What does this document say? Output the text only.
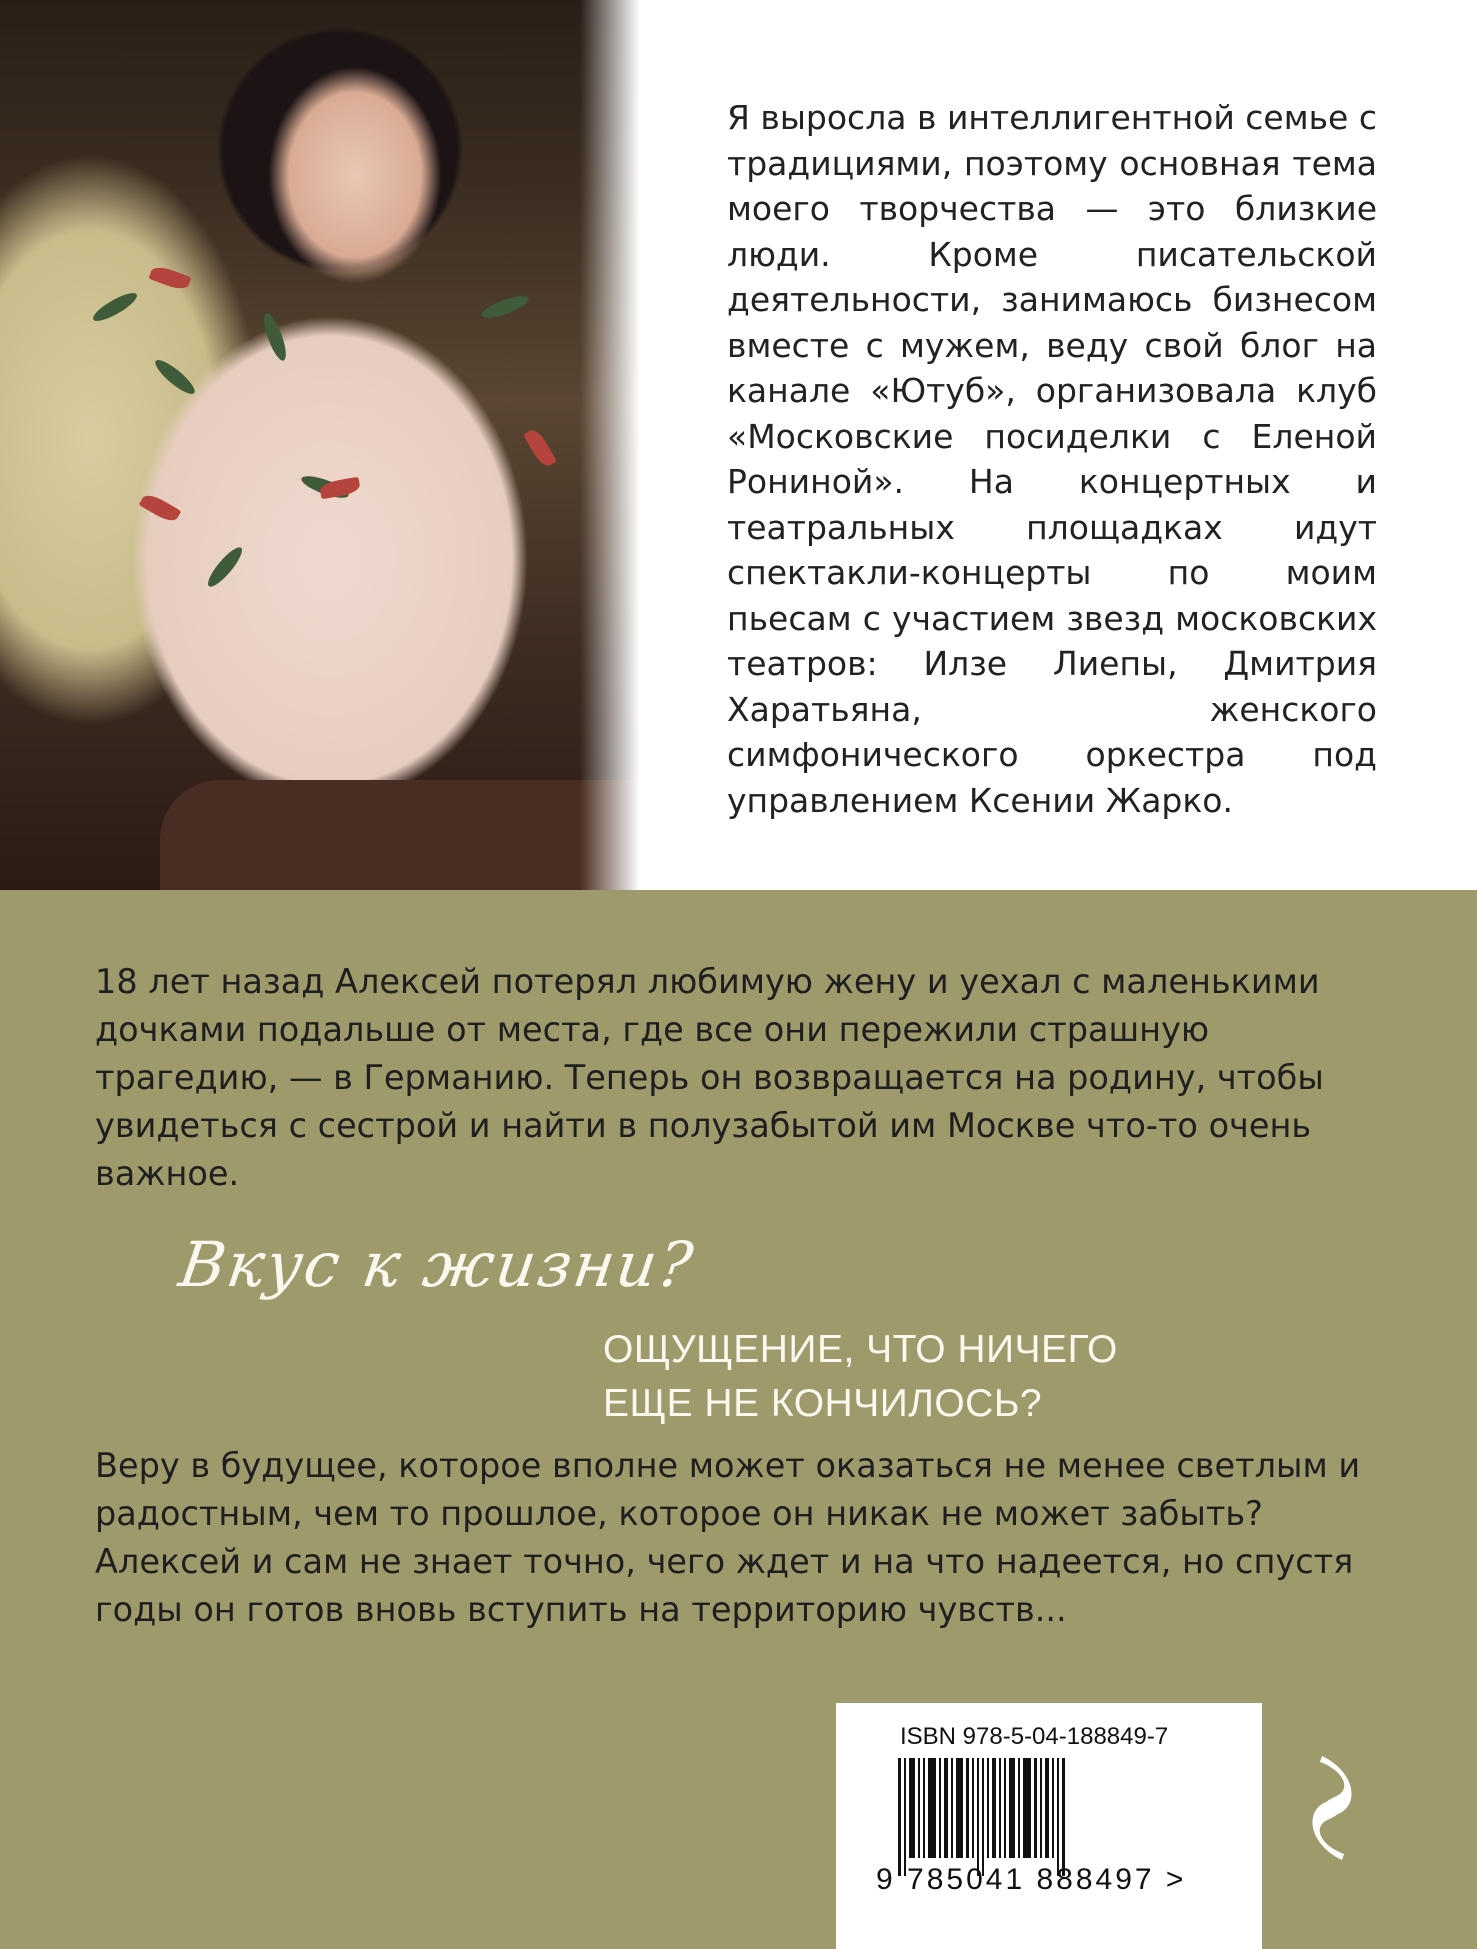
Я выросла в интеллигентной семье с традициями, поэтому основная тема моего творчества — это близкие люди. Кроме писательской деятельности, занимаюсь бизнесом вместе с мужем, веду свой блог на канале «Ютуб», организовала клуб «Московские посиделки с Еленой Рониной». На концертных и театральных площадках идут спектакли-концерты по моим пьесам с участием звезд московских театров: Илзе Лиепы, Дмитрия Харатьяна, женского симфонического оркестра под управлением Ксении Жарко.

18 лет назад Алексей потерял любимую жену и уехал с маленькими дочками подальше от места, где все они пережили страшную трагедию, — в Германию. Теперь он возвращается на родину, чтобы увидеться с сестрой и найти в полузабытой им Москве что-то очень важное.
Вкус к жизни?
ОЩУЩЕНИЕ, ЧТО НИЧЕГО
ЕЩЕ НЕ КОНЧИЛОСЬ?
Веру в будущее, которое вполне может оказаться не менее светлым и радостным, чем то прошлое, которое он никак не может забыть? Алексей и сам не знает точно, чего ждет и на что надеется, но спустя годы он готов вновь вступить на территорию чувств...
ISBN 978-5-04-188849-7
9 785041 888497 >
